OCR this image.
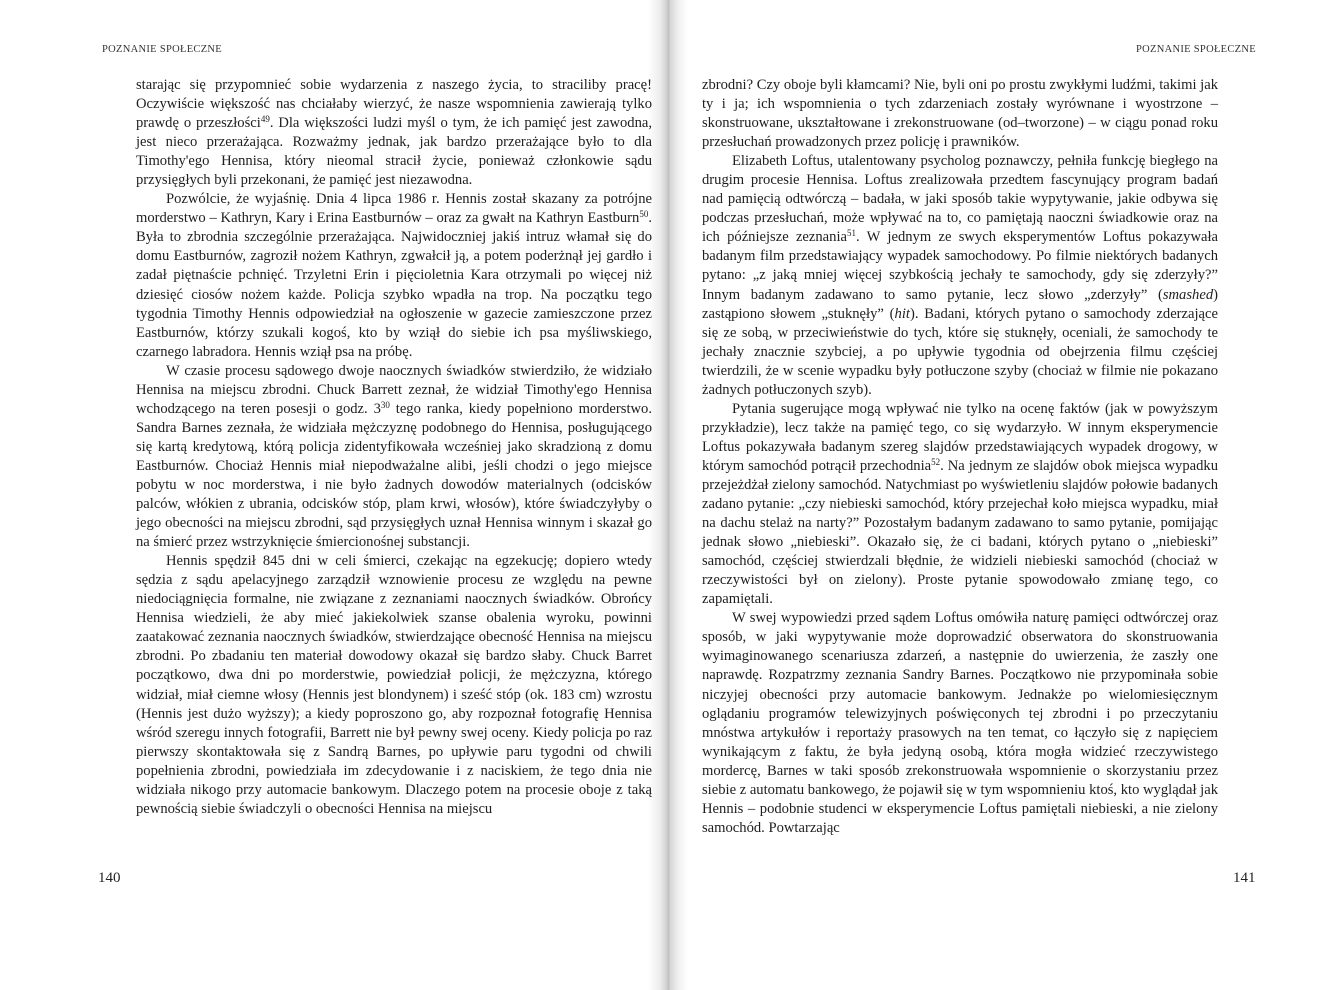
POZNANIE SPOŁECZNE

starając się przypomnieć sobie wydarzenia z naszego życia, to straciliby pracę! Oczywiście większość nas chciałaby wierzyć, że nasze wspomnienia zawierają tylko prawdę o przeszłości$^{49}$. Dla większości ludzi myśl o tym, że ich pamięć jest zawodna, jest nieco przerażająca. Rozważmy jednak, jak bardzo przerażające było to dla Timothy'ego Hennisa, który nieomal stracił życie, ponieważ członkowie sądu przysięgłych byli przekonani, że pamięć jest niezawodna.

Pozwólcie, że wyjaśnię. Dnia 4 lipca 1986 r. Hennis został skazany za potrójne morderstwo – Kathryn, Kary i Erina Eastburnów – oraz za gwałt na Kathryn Eastburn$^{50}$. Była to zbrodnia szczególnie przerażająca. Najwidoczniej jakiś intruz włamał się do domu Eastburnów, zagroził nożem Kathryn, zgwałcił ją, a potem poderżnął jej gardło i zadał piętnaście pchnięć. Trzyletni Erin i pięcioletnia Kara otrzymali po więcej niż dziesięć ciosów nożem każde. Policja szybko wpadła na trop. Na początku tego tygodnia Timothy Hennis odpowiedział na ogłoszenie w gazecie zamieszczone przez Eastburnów, którzy szukali kogoś, kto by wziął do siebie ich psa myśliwskiego, czarnego labradora. Hennis wziął psa na próbę.

W czasie procesu sądowego dwoje naocznych świadków stwierdziło, że widziało Hennisa na miejscu zbrodni. Chuck Barrett zeznał, że widział Timothy'ego Hennisa wchodzącego na teren posesji o godz. $3^{30}$ tego ranka, kiedy popełniono morderstwo. Sandra Barnes zeznała, że widziała mężczyznę podobnego do Hennisa, posługującego się kartą kredytową, którą policja zidentyfikowała wcześniej jako skradzioną z domu Eastburnów. Chociaż Hennis miał niepodważalne alibi, jeśli chodzi o jego miejsce pobytu w noc morderstwa, i nie było żadnych dowodów materialnych (odcisków palców, włókien z ubrania, odcisków stóp, plam krwi, włosów), które świadczyłyby o jego obecności na miejscu zbrodni, sąd przysięgłych uznał Hennisa winnym i skazał go na śmierć przez wstrzyknięcie śmiercionośnej substancji.

Hennis spędził 845 dni w celi śmierci, czekając na egzekucję; dopiero wtedy sędzia z sądu apelacyjnego zarządził wznowienie procesu ze względu na pewne niedociągnięcia formalne, nie związane z zeznaniami naocznych świadków. Obrońcy Hennisa wiedzieli, że aby mieć jakiekolwiek szanse obalenia wyroku, powinni zaatakować zeznania naocznych świadków, stwierdzające obecność Hennisa na miejscu zbrodni. Po zbadaniu ten materiał dowodowy okazał się bardzo słaby. Chuck Barret początkowo, dwa dni po morderstwie, powiedział policji, że mężczyzna, którego widział, miał ciemne włosy (Hennis jest blondynem) i sześć stóp (ok. 183 cm) wzrostu (Hennis jest dużo wyższy); a kiedy poproszono go, aby rozpoznał fotografię Hennisa wśród szeregu innych fotografii, Barrett nie był pewny swej oceny. Kiedy policja po raz pierwszy skontaktowała się z Sandrą Barnes, po upływie paru tygodni od chwili popełnienia zbrodni, powiedziała im zdecydowanie i z naciskiem, że tego dnia nie widziała nikogo przy automacie bankowym. Dlaczego potem na procesie oboje z taką pewnością siebie świadczyli o obecności Hennisa na miejscu

140
POZNANIE SPOŁECZNE

zbrodni? Czy oboje byli kłamcami? Nie, byli oni po prostu zwykłymi ludźmi, takimi jak ty i ja; ich wspomnienia o tych zdarzeniach zostały wyrównane i wyostrzone – skonstruowane, ukształtowane i zrekonstruowane (od–tworzone) – w ciągu ponad roku przesłuchań prowadzonych przez policję i prawników.

Elizabeth Loftus, utalentowany psycholog poznawczy, pełniła funkcję biegłego na drugim procesie Hennisa. Loftus zrealizowała przedtem fascynujący program badań nad pamięcią odtwórczą – badała, w jaki sposób takie wypytywanie, jakie odbywa się podczas przesłuchań, może wpływać na to, co pamiętają naoczni świadkowie oraz na ich późniejsze zeznania$^{51}$. W jednym ze swych eksperymentów Loftus pokazywała badanym film przedstawiający wypadek samochodowy. Po filmie niektórych badanych pytano: „z jaką mniej więcej szybkością jechały te samochody, gdy się zderzyły?” Innym badanym zadawano to samo pytanie, lecz słowo „zderzyły” (smashed) zastąpiono słowem „stuknęły” (hit). Badani, których pytano o samochody zderzające się ze sobą, w przeciwieństwie do tych, które się stuknęły, oceniali, że samochody te jechały znacznie szybciej, a po upływie tygodnia od obejrzenia filmu częściej twierdzili, że w scenie wypadku były potłuczone szyby (chociaż w filmie nie pokazano żadnych potłuczonych szyb).

Pytania sugerujące mogą wpływać nie tylko na ocenę faktów (jak w powyższym przykładzie), lecz także na pamięć tego, co się wydarzyło. W innym eksperymencie Loftus pokazywała badanym szereg slajdów przedstawiających wypadek drogowy, w którym samochód potrącił przechodnia$^{52}$. Na jednym ze slajdów obok miejsca wypadku przejeżdżał zielony samochód. Natychmiast po wyświetleniu slajdów połowie badanych zadano pytanie: „czy niebieski samochód, który przejechał koło miejsca wypadku, miał na dachu stelaż na narty?” Pozostałym badanym zadawano to samo pytanie, pomijając jednak słowo „niebieski”. Okazało się, że ci badani, których pytano o „niebieski” samochód, częściej stwierdzali błędnie, że widzieli niebieski samochód (chociaż w rzeczywistości był on zielony). Proste pytanie spowodowało zmianę tego, co zapamiętali.

W swej wypowiedzi przed sądem Loftus omówiła naturę pamięci odtwórczej oraz sposób, w jaki wypytywanie może doprowadzić obserwatora do skonstruowania wyimaginowanego scenariusza zdarzeń, a następnie do uwierzenia, że zaszły one naprawdę. Rozpatrzmy zeznania Sandry Barnes. Początkowo nie przypominała sobie niczyjej obecności przy automacie bankowym. Jednakże po wielomiesięcznym oglądaniu programów telewizyjnych poświęconych tej zbrodni i po przeczytaniu mnóstwa artykułów i reportaży prasowych na ten temat, co łączyło się z napięciem wynikającym z faktu, że była jedyną osobą, która mogła widzieć rzeczywistego mordercę, Barnes w taki sposób zrekonstruowała wspomnienie o skorzystaniu przez siebie z automatu bankowego, że pojawił się w tym wspomnieniu ktoś, kto wyglądał jak Hennis – podobnie studenci w eksperymencie Loftus pamiętali niebieski, a nie zielony samochód. Powtarzając

141
